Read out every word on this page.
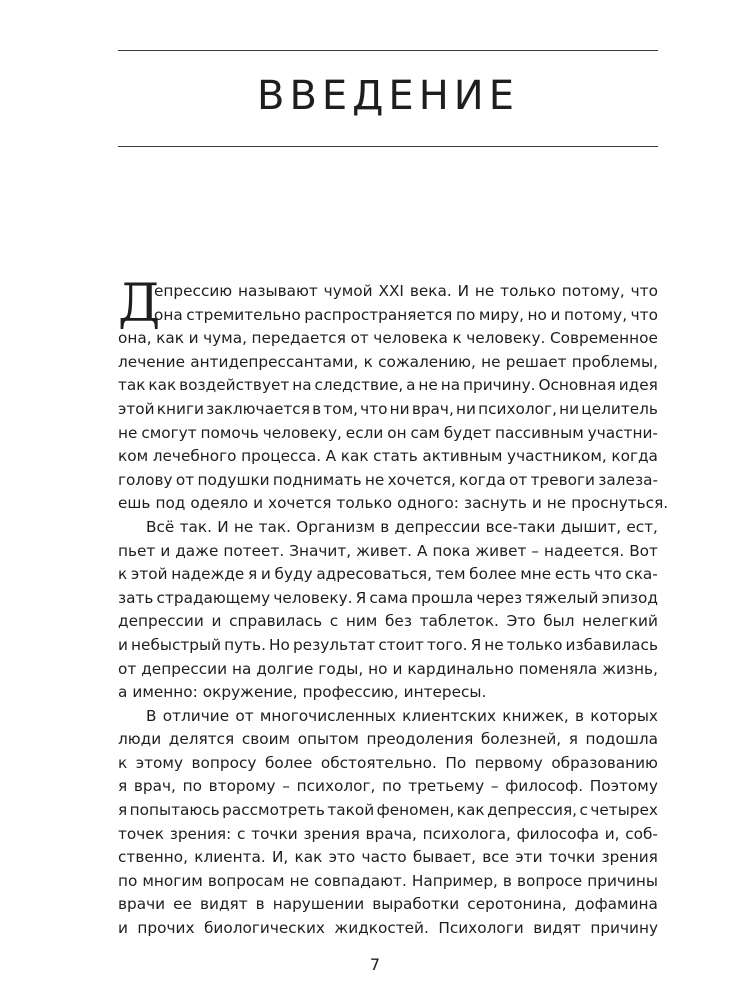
ВВЕДЕНИЕ
Д
епрессию называют чумой XXI века. И не только потому, что
она стремительно распространяется по миру, но и потому, что
она, как и чума, передается от человека к человеку. Современное
лечение антидепрессантами, к сожалению, не решает проблемы,
так как воздействует на следствие, а не на причину. Основная идея
этой книги заключается в том, что ни врач, ни психолог, ни целитель
не смогут помочь человеку, если он сам будет пассивным участни-
ком лечебного процесса. А как стать активным участником, когда
голову от подушки поднимать не хочется, когда от тревоги залеза-
ешь под одеяло и хочется только одного: заснуть и не проснуться.
Всё так. И не так. Организм в депрессии все-таки дышит, ест,
пьет и даже потеет. Значит, живет. А пока живет – надеется. Вот
к этой надежде я и буду адресоваться, тем более мне есть что ска-
зать страдающему человеку. Я сама прошла через тяжелый эпизод
депрессии и справилась с ним без таблеток. Это был нелегкий
и небыстрый путь. Но результат стоит того. Я не только избавилась
от депрессии на долгие годы, но и кардинально поменяла жизнь,
а именно: окружение, профессию, интересы.
В отличие от многочисленных клиентских книжек, в которых
люди делятся своим опытом преодоления болезней, я подошла
к этому вопросу более обстоятельно. По первому образованию
я врач, по второму – психолог, по третьему – философ. Поэтому
я попытаюсь рассмотреть такой феномен, как депрессия, с четырех
точек зрения: с точки зрения врача, психолога, философа и, соб-
ственно, клиента. И, как это часто бывает, все эти точки зрения
по многим вопросам не совпадают. Например, в вопросе причины
врачи ее видят в нарушении выработки серотонина, дофамина
и прочих биологических жидкостей. Психологи видят причину
7
